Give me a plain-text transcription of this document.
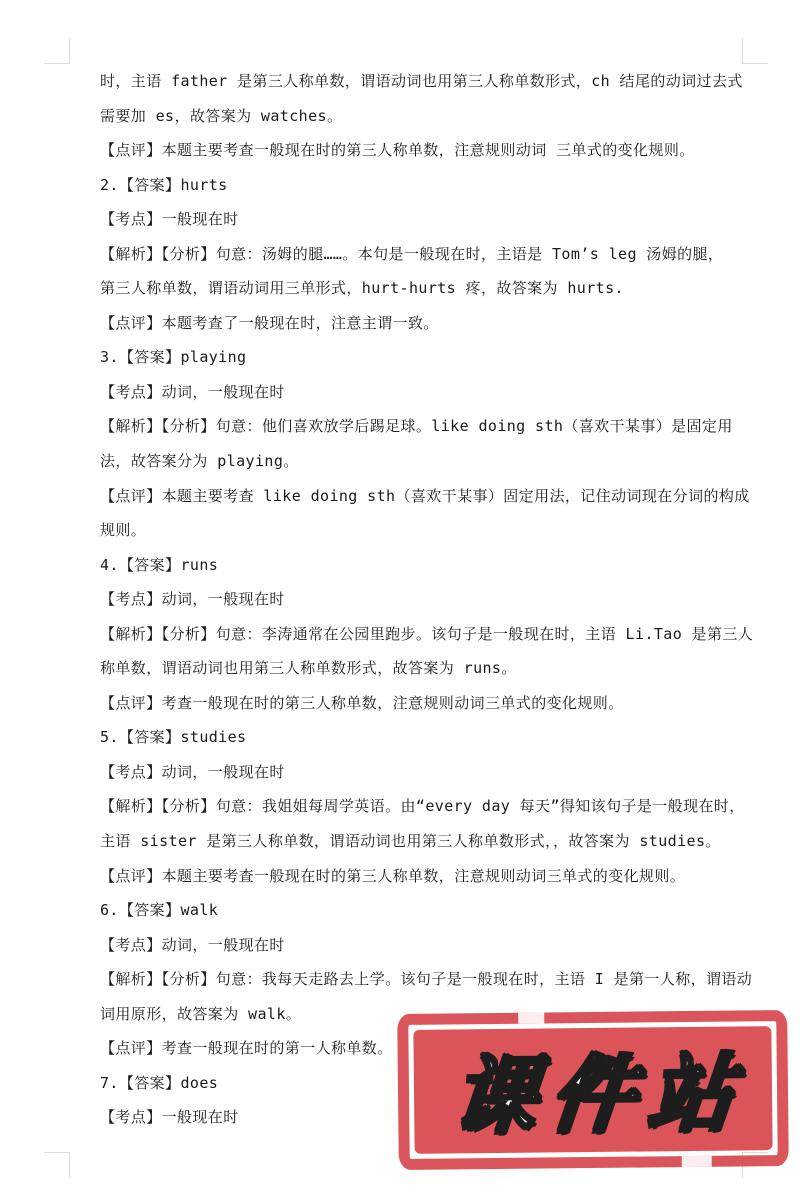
时，主语 father 是第三人称单数，谓语动词也用第三人称单数形式，ch 结尾的动词过去式
需要加 es，故答案为 watches。
【点评】本题主要考查一般现在时的第三人称单数，注意规则动词 三单式的变化规则。
2.【答案】hurts
【考点】一般现在时
【解析】【分析】句意：汤姆的腿……。本句是一般现在时，主语是 Tom’s leg 汤姆的腿，
第三人称单数，谓语动词用三单形式，hurt-hurts 疼，故答案为 hurts.
【点评】本题考查了一般现在时，注意主谓一致。
3.【答案】playing
【考点】动词，一般现在时
【解析】【分析】句意：他们喜欢放学后踢足球。like doing sth（喜欢干某事）是固定用
法，故答案分为 playing。
【点评】本题主要考查 like doing sth（喜欢干某事）固定用法，记住动词现在分词的构成
规则。
4.【答案】runs
【考点】动词，一般现在时
【解析】【分析】句意：李涛通常在公园里跑步。该句子是一般现在时，主语 Li.Tao 是第三人
称单数，谓语动词也用第三人称单数形式，故答案为 runs。
【点评】考查一般现在时的第三人称单数，注意规则动词三单式的变化规则。
5.【答案】studies
【考点】动词，一般现在时
【解析】【分析】句意：我姐姐每周学英语。由“every day 每天”得知该句子是一般现在时，
主语 sister 是第三人称单数，谓语动词也用第三人称单数形式，，故答案为 studies。
【点评】本题主要考查一般现在时的第三人称单数，注意规则动词三单式的变化规则。
6.【答案】walk
【考点】动词，一般现在时
【解析】【分析】句意：我每天走路去上学。该句子是一般现在时，主语 I 是第一人称，谓语动
词用原形，故答案为 walk。
【点评】考查一般现在时的第一人称单数。
7.【答案】does
【考点】一般现在时	课件站
